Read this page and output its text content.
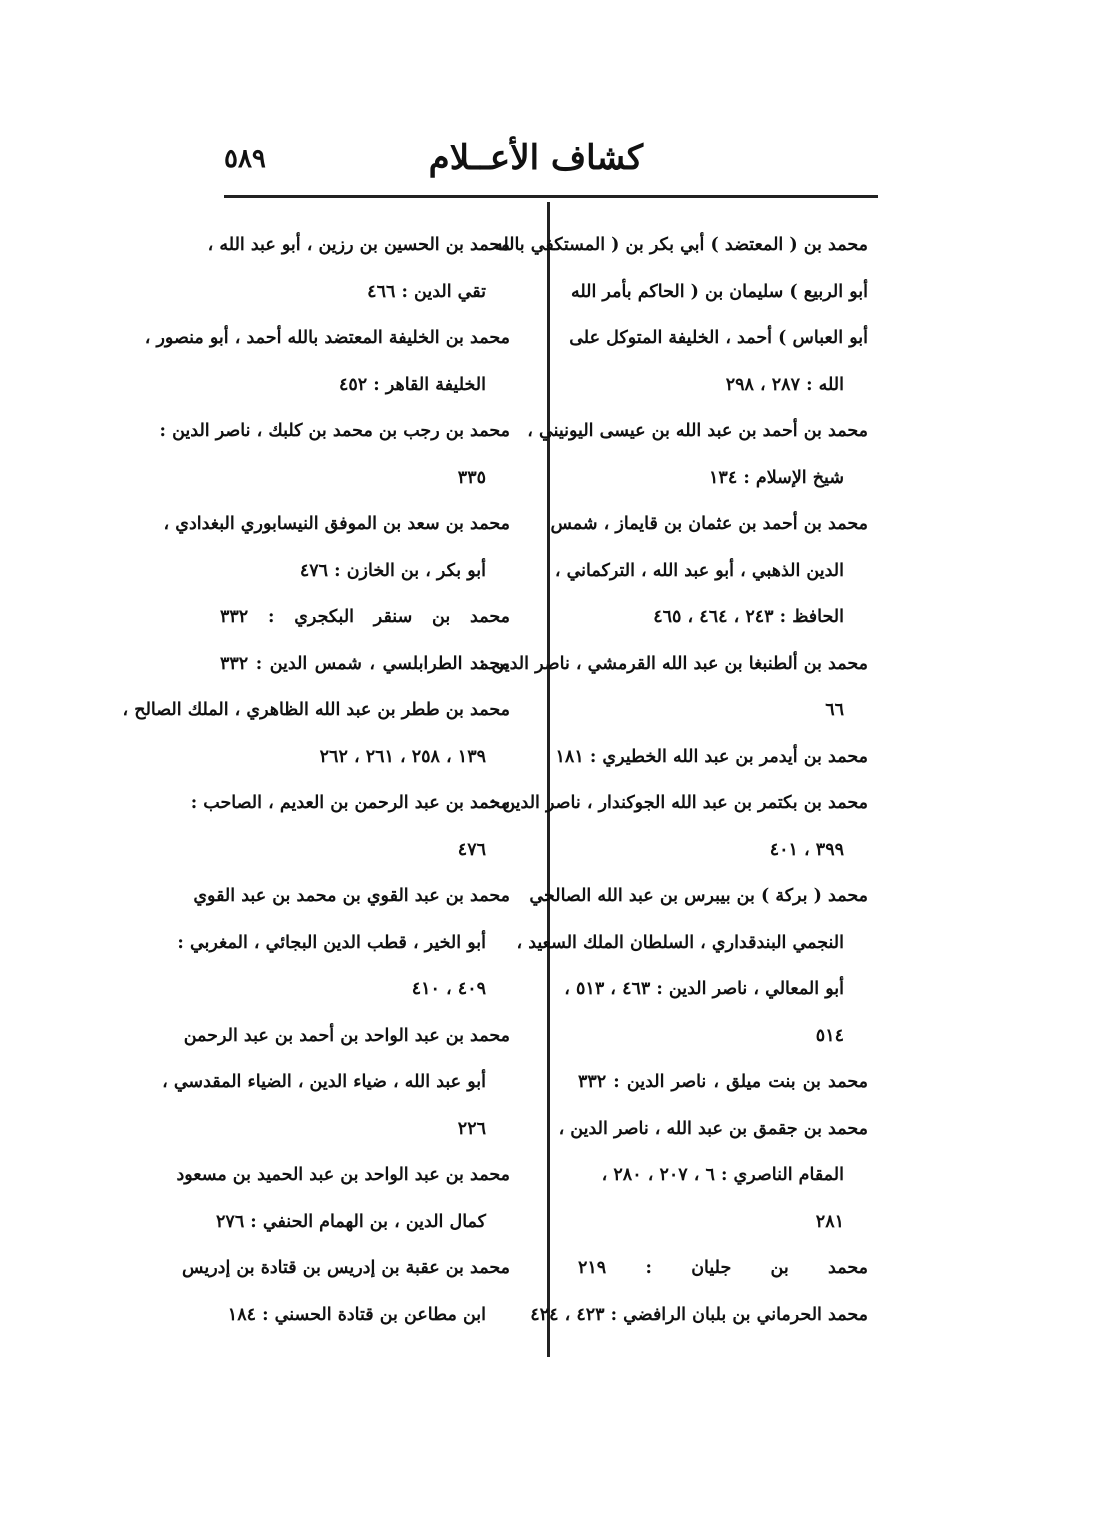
كشاف الأعــلام
٥٨٩
محمد بن ( المعتضد ) أبي بكر بن ( المستكفي بالله
أبو الربيع ) سليمان بن ( الحاكم بأمر الله
أبو العباس ) أحمد ، الخليفة المتوكل على
الله : ٢٨٧ ، ٢٩٨
محمد بن أحمد بن عبد الله بن عيسى اليونيني ،
شيخ الإسلام : ١٣٤
محمد بن أحمد بن عثمان بن قايماز ، شمس
الدين الذهبي ، أبو عبد الله ، التركماني ،
الحافظ : ٢٤٣ ، ٤٦٤ ، ٤٦٥
محمد بن ألطنبغا بن عبد الله القرمشي ، ناصر الدين :
٦٦
محمد بن أيدمر بن عبد الله الخطيري : ١٨١
محمد بن بكتمر بن عبد الله الجوكندار ، ناصر الدين :
٣٩٩ ، ٤٠١
محمد ( بركة ) بن بيبرس بن عبد الله الصالحي
النجمي البندقداري ، السلطان الملك السعيد ،
أبو المعالي ، ناصر الدين : ٤٦٣ ، ٥١٣ ،
٥١٤
محمد بن بنت ميلق ، ناصر الدين : ٣٣٢
محمد بن جقمق بن عبد الله ، ناصر الدين ،
المقام الناصري : ٦ ، ٢٠٧ ، ٢٨٠ ،
٢٨١
محمد بن جليان : ٢١٩
محمد الحرماني بن بلبان الرافضي : ٤٢٣ ، ٤٢٤
محمد بن الحسين بن رزين ، أبو عبد الله ،
تقي الدين : ٤٦٦
محمد بن الخليفة المعتضد بالله أحمد ، أبو منصور ،
الخليفة القاهر : ٤٥٢
محمد بن رجب بن محمد بن كلبك ، ناصر الدين :
٣٣٥
محمد بن سعد بن الموفق النيسابوري البغدادي ،
أبو بكر ، بن الخازن : ٤٧٦
محمد بن سنقر البكجري : ٣٣٢
محمد الطرابلسي ، شمس الدين : ٣٣٢
محمد بن ططر بن عبد الله الظاهري ، الملك الصالح ،
١٣٩ ، ٢٥٨ ، ٢٦١ ، ٢٦٢
محمد بن عبد الرحمن بن العديم ، الصاحب :
٤٧٦
محمد بن عبد القوي بن محمد بن عبد القوي
أبو الخير ، قطب الدين البجائي ، المغربي :
٤٠٩ ، ٤١٠
محمد بن عبد الواحد بن أحمد بن عبد الرحمن
أبو عبد الله ، ضياء الدين ، الضياء المقدسي ،
٢٢٦
محمد بن عبد الواحد بن عبد الحميد بن مسعود
كمال الدين ، بن الهمام الحنفي : ٢٧٦
محمد بن عقبة بن إدريس بن قتادة بن إدريس
ابن مطاعن بن قتادة الحسني : ١٨٤
